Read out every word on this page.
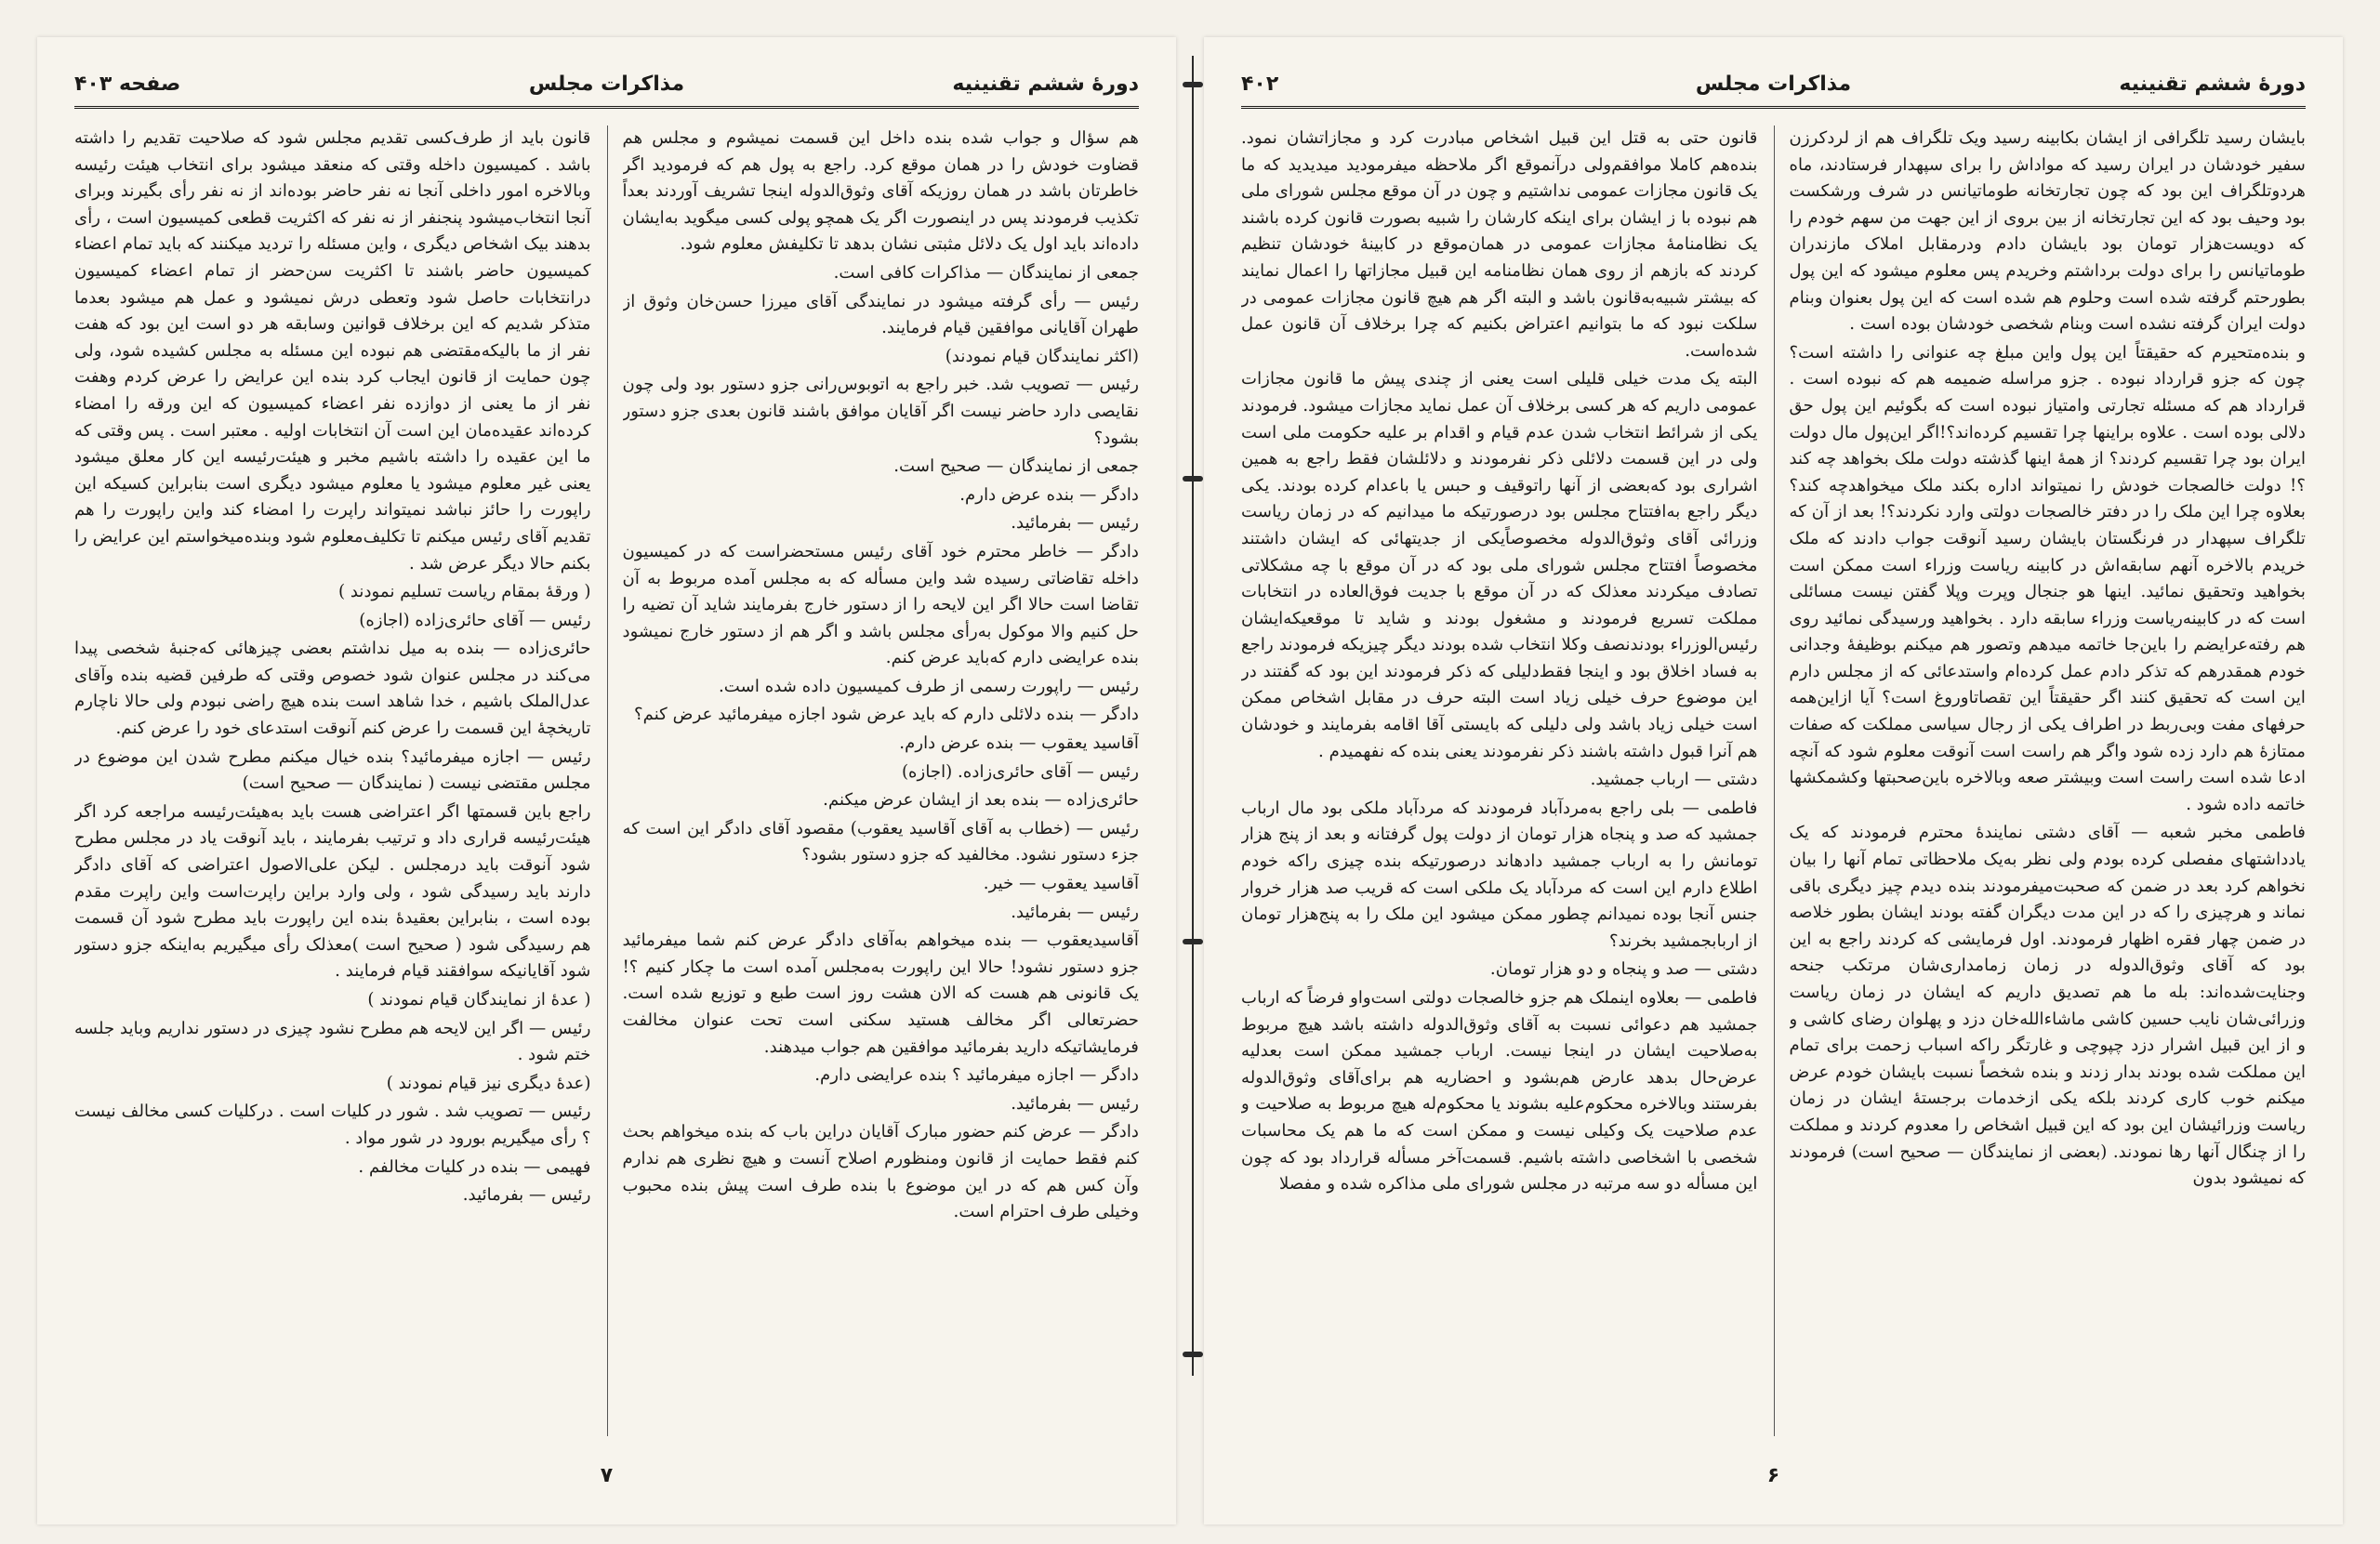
دورهٔ ششم تقنینیه
مذاکرات مجلس
صفحه ۴۰۳

هم سؤال و جواب شده بنده داخل این قسمت نمیشوم و مجلس هم قضاوت خودش را در همان موقع کرد. راجع به پول هم که فرمودید اگر خاطرتان باشد در همان روزیکه آقای وثوق‌الدوله اینجا تشریف آوردند بعداً تکذیب فرمودند پس در اینصورت اگر یک همچو پولی کسی میگوید به‌ایشان داده‌اند باید اول یک دلائل مثبتی نشان بدهد تا تکلیفش معلوم شود.

جمعی از نمایندگان — مذاکرات کافی است.

رئیس — رأی گرفته میشود در نمایندگی آقای میرزا حسن‌خان وثوق از طهران آقایانی موافقین قیام فرمایند.

(اکثر نمایندگان قیام نمودند)

رئیس — تصویب شد. خبر راجع به اتوبوس‌رانی جزو دستور بود ولی چون نقایصی دارد حاضر نیست اگر آقایان موافق باشند قانون بعدی جزو دستور بشود؟

جمعی از نمایندگان — صحیح است.

دادگر — بنده عرض دارم.

رئیس — بفرمائید.

دادگر — خاطر محترم خود آقای رئیس مستحضراست که در کمیسیون داخله تقاضاتی رسیده شد واین مسأله که به مجلس آمده مربوط به آن تقاضا است حالا اگر این لایحه را از دستور خارج بفرمایند شاید آن تضیه را حل کنیم والا موکول به‌رأی مجلس باشد و اگر هم از دستور خارج نمیشود بنده عرایضی دارم که‌باید عرض کنم.

رئیس — راپورت رسمی از طرف کمیسیون داده شده است.

دادگر — بنده دلائلی دارم که باید عرض شود اجازه میفرمائید عرض کنم؟

آقاسید یعقوب — بنده عرض دارم.

رئیس — آقای حائری‌زاده. (اجازه)

حائری‌زاده — بنده بعد از ایشان عرض میکنم.

رئیس — (خطاب به آقای آقاسید یعقوب) مقصود آقای دادگر این است که جزء دستور نشود. مخالفید که جزو دستور بشود؟

آقاسید یعقوب — خیر.

رئیس — بفرمائید.

آقاسیدیعقوب — بنده میخواهم به‌آقای دادگر عرض کنم شما میفرمائید جزو دستور نشود! حالا این راپورت به‌مجلس آمده است ما چکار کنیم ؟! یک قانونی هم هست که الان هشت روز است طبع و توزیع شده است. حضرتعالی اگر مخالف هستید سکنی است تحت عنوان مخالفت فرمایشاتیکه دارید بفرمائید موافقین هم جواب میدهند.

دادگر — اجازه میفرمائید ؟ بنده عرایضی دارم.

رئیس — بفرمائید.

دادگر — عرض کنم حضور مبارک آقایان دراین باب که بنده میخواهم بحث کنم فقط حمایت از قانون ومنظورم اصلاح آنست و هیچ نظری هم ندارم وآن کس هم که در این موضوع با بنده طرف است پیش بنده محبوب وخیلی طرف احترام است.

قانون باید از طرف‌کسی تقدیم مجلس شود که صلاحیت تقدیم را داشته باشد . کمیسیون داخله وقتی که منعقد میشود برای انتخاب هیئت رئیسه وبالاخره امور داخلی آنجا نه نفر حاضر بوده‌اند از نه نفر رأی بگیرند وبرای آنجا انتخاب‌میشود پنجنفر از نه نفر که اکثریت قطعی کمیسیون است ، رأی بدهند بیک اشخاص دیگری ، واین مسئله را تردید میکنند که باید تمام اعضاء کمیسیون حاضر باشند تا اکثریت سن‌حضر از تمام اعضاء کمیسیون درانتخابات حاصل شود وتعطی درش نمیشود و عمل هم میشود بعدما متذکر شدیم که این برخلاف قوانین وسابقه هر دو است این بود که هفت نفر از ما بالیکه‌مقتضی هم نبوده این مسئله به مجلس کشیده شود، ولی چون حمایت از قانون ایجاب کرد بنده این عرایض را عرض کردم وهفت نفر از ما یعنی از دوازده نفر اعضاء کمیسیون که این ورقه را امضاء کرده‌اند عقیده‌مان این است آن انتخابات اولیه . معتبر است . پس وقتی که ما این عقیده را داشته باشیم مخبر و هیئت‌رئیسه این کار معلق میشود یعنی غیر معلوم میشود یا معلوم میشود دیگری است بنابراین کسیکه این راپورت را حائز نباشد نمیتواند راپرت را امضاء کند واین راپورت را هم تقدیم آقای رئیس میکنم تا تکلیف‌معلوم شود وبنده‌میخواستم این عرایض را بکنم حالا دیگر عرض شد .

( ورقهٔ بمقام ریاست تسلیم نمودند )

رئیس — آقای حائری‌زاده (اجازه)

حائری‌زاده — بنده به‌ میل نداشتم بعضی چیزهائی که‌جنبهٔ شخصی پیدا می‌کند در مجلس عنوان شود خصوص وقتی که طرفین قضیه بنده وآقای عدل‌الملک باشیم ، خدا شاهد است بنده هیچ راضی نبودم ولی حالا ناچارم تاریخچهٔ این قسمت را عرض کنم آنوقت استدعای خود را عرض کنم.

رئیس — اجازه میفرمائید؟ بنده خیال میکنم مطرح شدن این موضوع در مجلس مقتضی نیست ( نمایندگان — صحیح است)

راجع باین قسمتها اگر اعتراضی هست باید به‌هیئت‌رئیسه مراجعه کرد اگر هیئت‌رئیسه قراری داد و ترتیب بفرمایند ، باید آنوقت یاد در مجلس مطرح شود آنوقت باید درمجلس . لیکن علی‌الاصول اعتراضی که آقای دادگر دارند باید رسیدگی شود ، ولی وارد براین راپرت‌است واین راپرت مقدم بوده است ، بنابراین بعقیدهٔ بنده این راپورت باید مطرح شود آن قسمت هم رسیدگی شود ( صحیح است )معذلک رأی میگیریم به‌اینکه جزو دستور شود آقایانیکه سوافقند قیام فرمایند .

( عدهٔ از نمایندگان قیام نمودند )

رئیس — اگر این لایحه هم مطرح نشود چیزی در دستور نداریم وباید جلسه ختم شود .

(عدهٔ دیگری نیز قیام نمودند )

رئیس — تصویب شد . شور در کلیات است . درکلیات کسی مخالف نیست ؟ رأی میگیریم بورود در شور مواد .

فهیمی — بنده در کلیات مخالفم .

رئیس — بفرمائید.

۷
دورهٔ ششم تقنینیه
مذاکرات مجلس
۴۰۲

بایشان رسید تلگرافی از ایشان بکابینه رسید ویک تلگراف هم از لردکرزن سفیر خودشان در ایران رسید که مواداش را برای سپهدار فرستادند، ماه هردوتلگراف این بود که چون تجارتخانه طوماتیانس در شرف ورشکست بود وحیف بود که این تجارتخانه از بین بروی از این جهت من سهم خودم را که دویست‌هزار تومان بود بایشان دادم ودرمقابل املاک مازندران طوماتیانس را برای دولت برداشتم وخریدم پس معلوم میشود که این پول بطورحتم گرفته شده است وحلوم هم شده است که این پول بعنوان وبنام دولت ایران گرفته نشده است وبنام شخصی خودشان بوده است .

و بنده‌متحیرم که حقیقتاً این پول واین مبلغ چه عنوانی را داشته است؟ چون که جزو قرارداد نبوده . جزو مراسله ضمیمه هم که نبوده است . قرارداد هم که مسئله تجارتی وامتیاز نبوده است که بگوئیم این پول حق دلالی بوده است . علاوه براینها چرا تقسیم کرده‌اند؟!اگر این‌پول مال دولت ایران بود چرا تقسیم کردند؟ از همهٔ اینها گذشته دولت ملک بخواهد چه کند ؟! دولت خالصجات خودش را نمیتواند اداره بکند ملک میخواهدچه کند؟ بعلاوه چرا این ملک را در دفتر خالصجات دولتی وارد نکردند؟! بعد از آن که تلگراف سپهدار در فرنگستان بایشان رسید آنوقت جواب دادند که ملک خریدم بالاخره آنهم سابقه‌اش در کابینه ریاست وزراء است ممکن است بخواهید وتحقیق نمائید. اینها هو جنجال وپرت وپلا گفتن نیست مسائلی است که در کابینه‌ریاست وزراء سابقه دارد . بخواهید ورسیدگی نمائید روی هم رفته‌عرایضم را باین‌جا خاتمه میدهم وتصور هم میکنم بوظیفهٔ وجدانی خودم همقدرهم که تذکر دادم عمل کرده‌ام واستدعائی که از مجلس دارم این است که تحقیق کنند اگر حقیقتاً این تقصاتاوروغ است؟ آیا ازاین‌همه حرفهای مفت وبی‌ربط در اطراف یکی از رجال سیاسی مملکت که صفات ممتازهٔ هم دارد زده شود واگر هم راست است آنوقت معلوم شود که آنچه ادعا شده است راست است وبیشتر صعه وبالاخره باین‌صحبتها وکشمکشها خاتمه داده شود .

فاطمی مخبر شعبه — آقای دشتی نمایندهٔ محترم فرمودند که یک یادداشتهای مفصلی کرده بودم ولی نظر به‌یک ملاحظاتی تمام آنها را بیان نخواهم کرد بعد در ضمن که صحبت‌میفرمودند بنده دیدم چیز دیگری باقی نماند و هرچیزی را که در این مدت دیگران گفته بودند ایشان بطور خلاصه در ضمن چهار فقره اظهار فرمودند. اول فرمایشی که کردند راجع به این بود که آقای وثوق‌الدوله در زمان زمامداری‌شان مرتکب جنحه وجنایت‌شده‌اند: بله ما هم تصدیق داریم که ایشان در زمان ریاست وزرائی‌شان نایب حسین کاشی ماشاءالله‌خان دزد و پهلوان رضای کاشی و و از این قبیل اشرار دزد چپوچی و غارتگر راکه اسباب زحمت برای تمام این مملکت شده بودند بدار زدند و بنده شخصاً نسبت بایشان خودم عرض میکنم خوب کاری کردند بلکه یکی ازخدمات برجستهٔ ایشان در زمان ریاست وزرائیشان این بود که این قبیل اشخاص را معدوم کردند و مملکت را از چنگال آنها رها نمودند. (بعضی از نمایندگان — صحیح است) فرمودند که نمیشود بدون

قانون حتی به قتل این قبیل اشخاص مبادرت کرد و مجازاتشان نمود. بنده‌هم کاملا موافقم‌ولی درآنموقع اگر ملاحظه میفرمودید میدیدید که ما یک قانون مجازات عمومی نداشتیم و چون در آن موقع مجلس شورای ملی هم نبوده با ز ایشان برای اینکه کارشان را شبیه بصورت قانون کرده باشند یک نظامنامهٔ مجازات عمومی در همان‌موقع در کابینهٔ خودشان تنظیم کردند که بازهم از روی همان نظامنامه این قبیل مجازاتها را اعمال نمایند که بیشتر شبیه‌به‌قانون باشد و البته اگر هم هیچ قانون مجازات عمومی در سلکت نبود که ما بتوانیم اعتراض بکنیم که چرا برخلاف آن قانون عمل شده‌است.

البته یک مدت خیلی قلیلی است یعنی از چندی پیش ما قانون مجازات عمومی داریم که هر کسی برخلاف آن عمل نماید مجازات میشود. فرمودند یکی از شرائط انتخاب شدن عدم قیام و اقدام بر علیه حکومت ملی است ولی در این قسمت دلائلی ذکر نفرمودند و دلائلشان فقط راجع به همین اشراری بود که‌بعضی از آنها راتوقیف و حبس یا باعدام کرده بودند. یکی دیگر راجع به‌افتتاح مجلس بود درصورتیکه ما میدانیم که در زمان ریاست وزرائی آقای وثوق‌الدوله مخصوصاًیکی از جدیتهائی که ایشان داشتند مخصوصاً افتتاح مجلس شورای ملی بود که در آن موقع با چه مشکلاتی تصادف میکردند معذلک که در آن موقع با جدیت فوق‌العاده در انتخابات مملکت تسریع فرمودند و مشغول بودند و شاید تا موقعیکه‌ایشان رئیس‌الوزراء بودند‌نصف وکلا انتخاب شده بودند دیگر چیزیکه فرمودند راجع به فساد اخلاق بود و اینجا فقط‌دلیلی که ذکر فرمودند این بود که گفتند در این موضوع حرف خیلی زیاد است البته حرف در مقابل اشخاص ممکن است خیلی زیاد باشد ولی دلیلی که بایستی آقا اقامه بفرمایند و خودشان هم آنرا قبول داشته باشند ذکر نفرمودند یعنی بنده که نفهمیدم .

دشتی — ارباب جمشید.

فاطمی — بلی راجع به‌مردآباد فرمودند که مردآباد ملکی بود مال ارباب جمشید که صد و پنجاه هزار تومان از دولت پول گرفتانه و بعد از پنج هزار تومانش را به ارباب جمشید دادهاند درصورتیکه بنده چیزی راکه خودم اطلاع دارم این است که مردآباد یک ملکی است که قریب صد هزار خروار جنس آنجا بوده نمیدانم چطور ممکن میشود این ملک را به پنج‌هزار تومان از اربابجمشید بخرند؟

دشتی — صد و پنجاه و دو هزار تومان.

فاطمی — بعلاوه اینملک هم جزو خالصجات دولتی است‌واو فرضاً که ارباب جمشید هم دعوائی نسبت به آقای وثوق‌الدوله داشته باشد هیچ مربوط به‌صلاحیت ایشان در اینجا نیست. ارباب جمشید ممکن است بعدلیه عرض‌حال بدهد عارض هم‌بشود و احضاریه هم برای‌آقای وثوق‌الدوله بفرستند وبالاخره محکوم‌علیه بشوند یا محکوم‌له هیچ مربوط به صلاحیت و عدم صلاحیت یک وکیلی نیست و ممکن است که ما هم یک محاسبات شخصی با اشخاصی داشته باشیم. قسمت‌آخر مسأله قرارداد بود که چون این مسأله دو سه مرتبه در مجلس شورای ملی مذاکره شده و مفصلا

۶
